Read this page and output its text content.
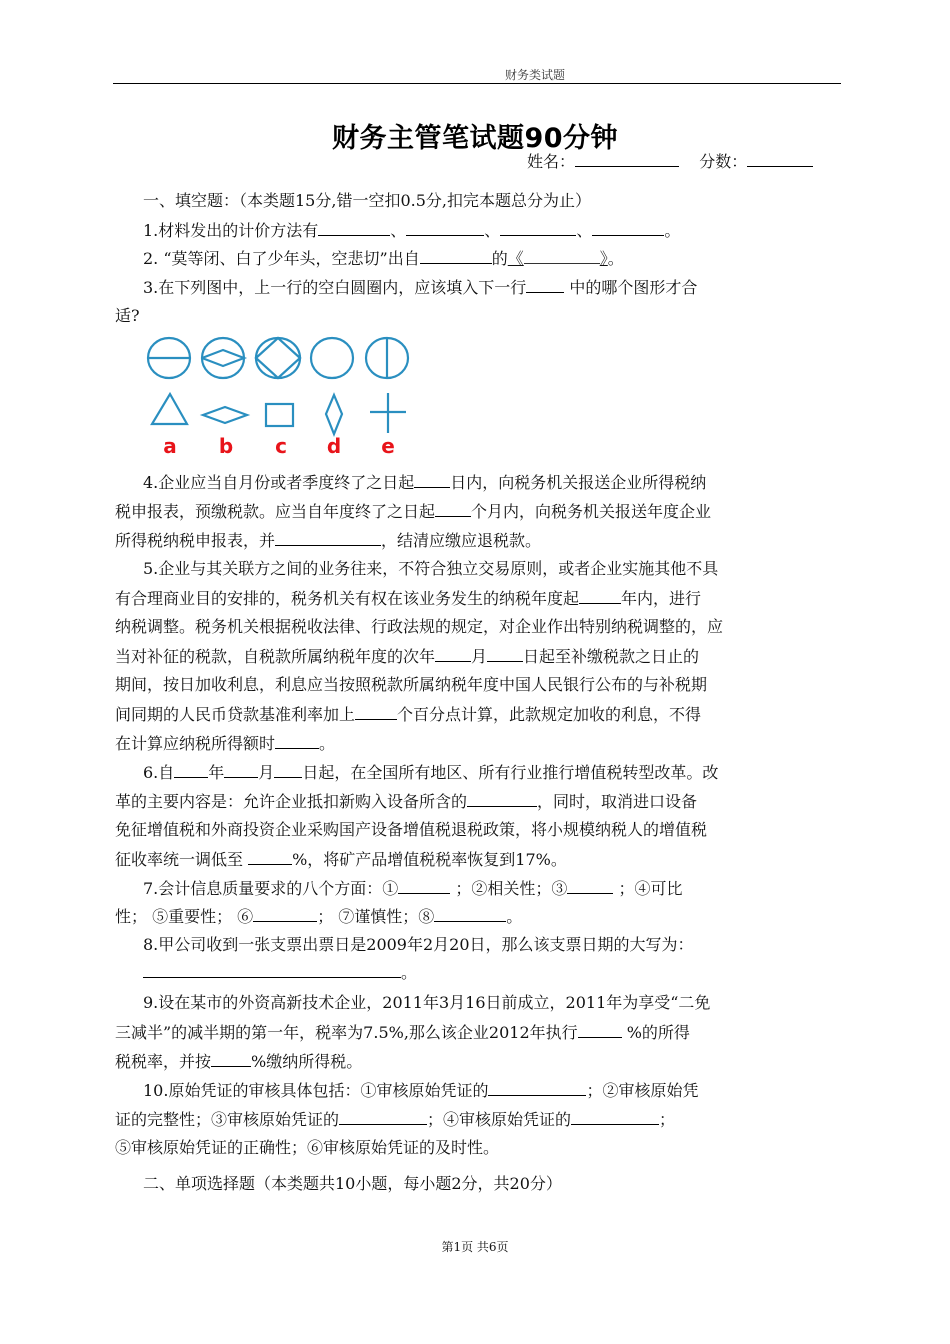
财务类试题
财务主管笔试题90分钟
姓名：	分数：
一、填空题：（本类题15分,错一空扣0.5分,扣完本题总分为止）
1.材料发出的计价方法有	、	、	、	。
2. “莫等闭、白了少年头，空悲切”出自	的《	》。
3.在下列图中，上一行的空白圆圈内，应该填入下一行 中的哪个图形才合
适?
a b c d e
4.企业应当自月份或者季度终了之日起 日内，向税务机关报送企业所得税纳
税申报表，预缴税款。应当自年度终了之日起 个月内，向税务机关报送年度企业
所得税纳税申报表，并	，结清应缴应退税款。
5.企业与其关联方之间的业务往来，不符合独立交易原则，或者企业实施其他不具
有合理商业目的安排的，税务机关有权在该业务发生的纳税年度起	年内，进行
纳税调整。税务机关根据税收法律、行政法规的规定，对企业作出特别纳税调整的，应
当对补征的税款，自税款所属纳税年度的次年 月 日起至补缴税款之日止的
期间，按日加收利息，利息应当按照税款所属纳税年度中国人民银行公布的与补税期
间同期的人民币贷款基准利率加上	个百分点计算，此款规定加收的利息，不得
在计算应纳税所得额时	。
6.自 年 月 日起，在全国所有地区、所有行业推行增值税转型改革。改
革的主要内容是：允许企业抵扣新购入设备所含的	，同时，取消进口设备
免征增值税和外商投资企业采购国产设备增值税退税政策，将小规模纳税人的增值税
征收率统一调低至	%，将矿产品增值税税率恢复到17%。
7.会计信息质量要求的八个方面：①	；②相关性；③	；④可比
性； ⑤重要性； ⑥	； ⑦谨慎性；⑧	。
8.甲公司收到一张支票出票日是2009年2月20日，那么该支票日期的大写为：
。
9.设在某市的外资高新技术企业，2011年3月16日前成立，2011年为享受“二免
三减半”的减半期的第一年，税率为7.5%,那么该企业2012年执行	%的所得
税税率，并按	%缴纳所得税。
10.原始凭证的审核具体包括：①审核原始凭证的	；②审核原始凭
证的完整性；③审核原始凭证的	；④审核原始凭证的	；
⑤审核原始凭证的正确性；⑥审核原始凭证的及时性。
二、单项选择题（本类题共10小题，每小题2分，共20分）
第1页 共6页
